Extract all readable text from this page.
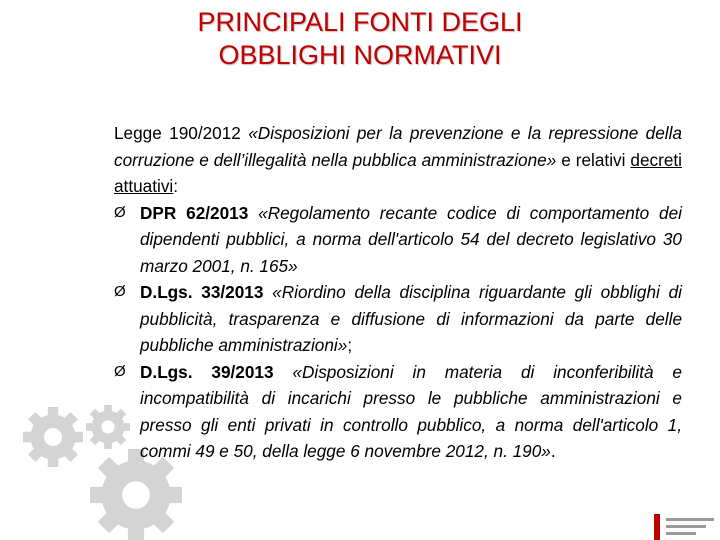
PRINCIPALI FONTI DEGLI
OBBLIGHI NORMATIVI

Legge 190/2012 «Disposizioni per la prevenzione e la repressione della corruzione e dell’illegalità nella pubblica amministrazione» e relativi decreti attuativi:

Ø DPR 62/2013 «Regolamento recante codice di comportamento dei dipendenti pubblici, a norma dell'articolo 54 del decreto legislativo 30 marzo 2001, n. 165»
Ø D.Lgs. 33/2013 «Riordino della disciplina riguardante gli obblighi di pubblicità, trasparenza e diffusione di informazioni da parte delle pubbliche amministrazioni»;
Ø D.Lgs. 39/2013 «Disposizioni in materia di inconferibilità e incompatibilità di incarichi presso le pubbliche amministrazioni e presso gli enti privati in controllo pubblico, a norma dell'articolo 1, commi 49 e 50, della legge 6 novembre 2012, n. 190».
